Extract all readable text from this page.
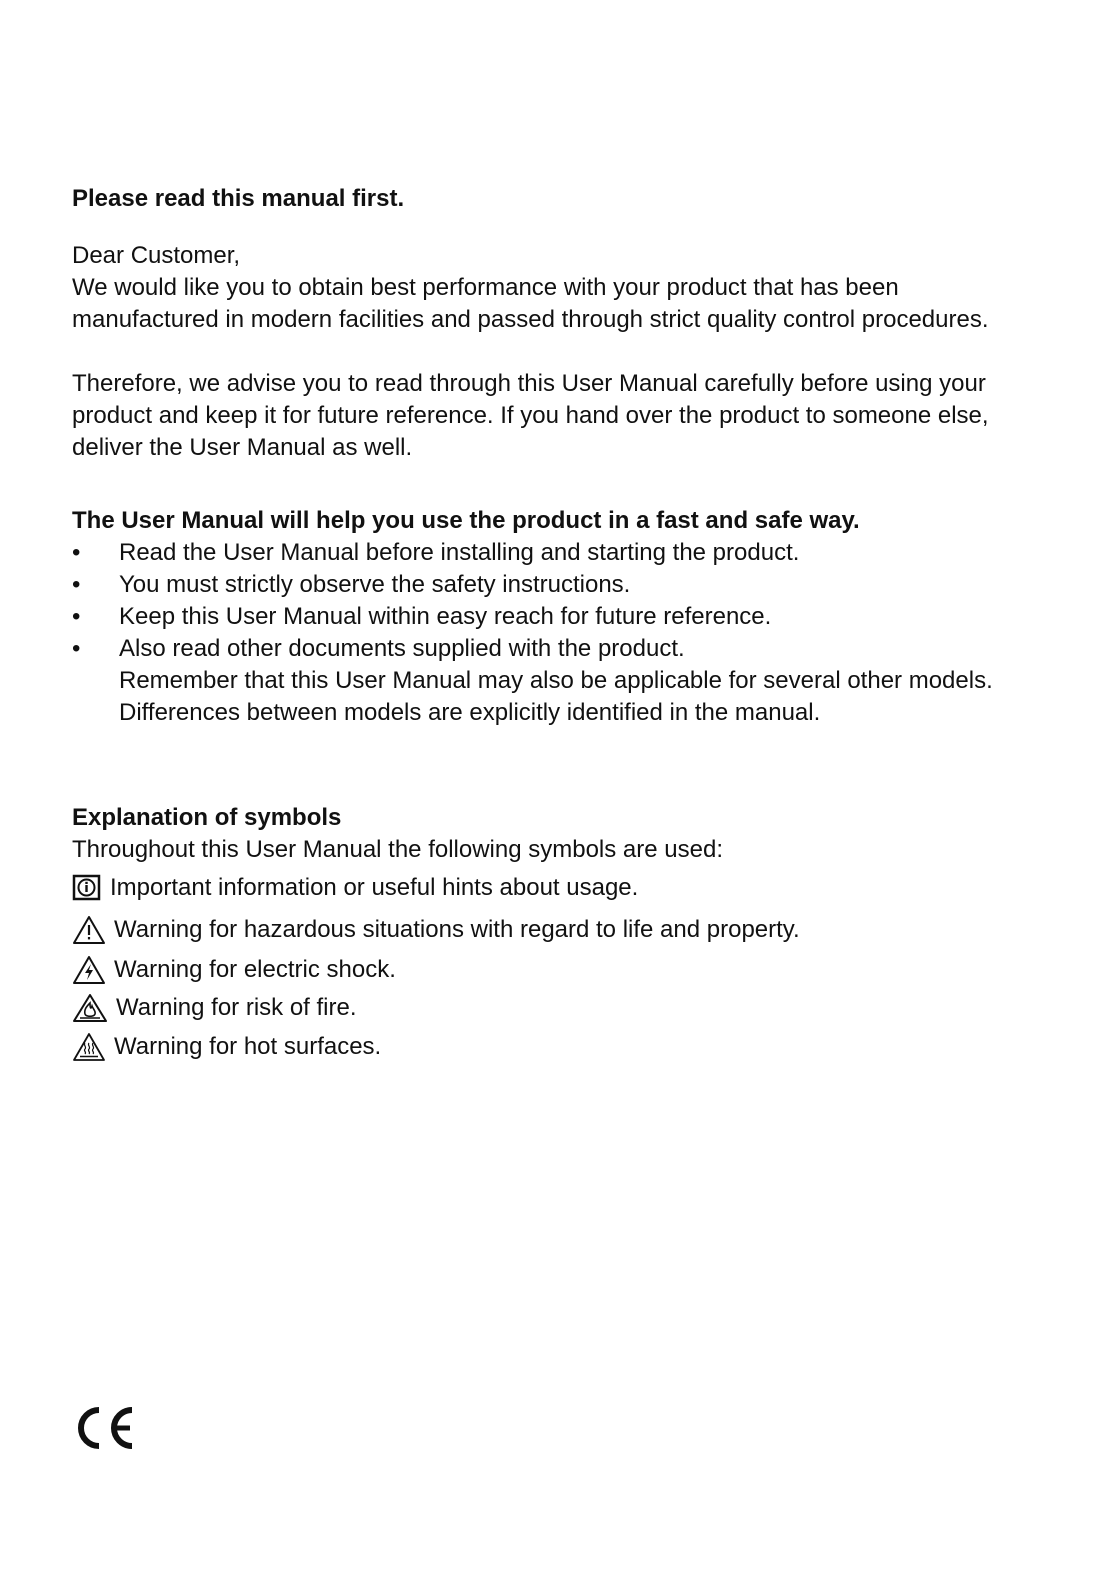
Please read this manual first.

Dear Customer,

We would like you to obtain best performance with your product that has been manufactured in modern facilities and passed through strict quality control procedures.

Therefore, we advise you to read through this User Manual carefully before using your product and keep it for future reference. If you hand over the product to someone else, deliver the User Manual as well.

The User Manual will help you use the product in a fast and safe way.

•	Read the User Manual before installing and starting the product.
•	You must strictly observe the safety instructions.
•	Keep this User Manual within easy reach for future reference.
•	Also read other documents supplied with the product.
Remember that this User Manual may also be applicable for several other models.
Differences between models are explicitly identified in the manual.

Explanation of symbols

Throughout this User Manual the following symbols are used:

Important information or useful hints about usage.
Warning for hazardous situations with regard to life and property.
Warning for electric shock.
Warning for risk of fire.
Warning for hot surfaces.
